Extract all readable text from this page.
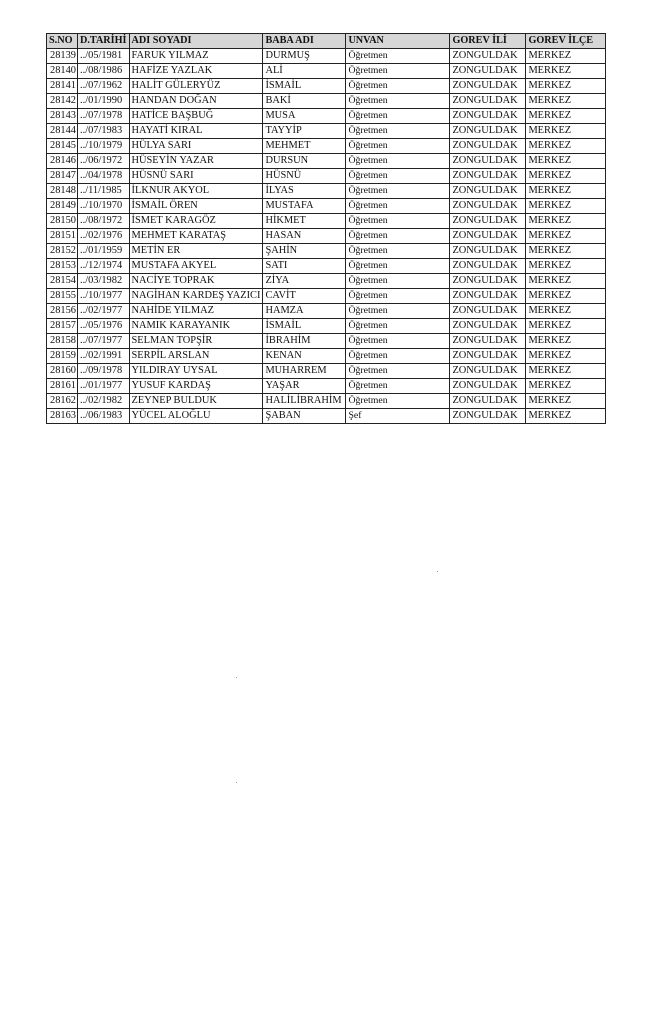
S.NO	D.TARİHİ	ADI SOYADI	BABA ADI	UNVAN	GOREV İLİ	GOREV İLÇE
28139	../05/1981	FARUK YILMAZ	DURMUŞ	Öğretmen	ZONGULDAK	MERKEZ
28140	../08/1986	HAFİZE YAZLAK	ALİ	Öğretmen	ZONGULDAK	MERKEZ
28141	../07/1962	HALİT GÜLERYÜZ	İSMAİL	Öğretmen	ZONGULDAK	MERKEZ
28142	../01/1990	HANDAN DOĞAN	BAKİ	Öğretmen	ZONGULDAK	MERKEZ
28143	../07/1978	HATİCE BAŞBUĞ	MUSA	Öğretmen	ZONGULDAK	MERKEZ
28144	../07/1983	HAYATİ KIRAL	TAYYİP	Öğretmen	ZONGULDAK	MERKEZ
28145	../10/1979	HÜLYA SARI	MEHMET	Öğretmen	ZONGULDAK	MERKEZ
28146	../06/1972	HÜSEYİN YAZAR	DURSUN	Öğretmen	ZONGULDAK	MERKEZ
28147	../04/1978	HÜSNÜ SARI	HÜSNÜ	Öğretmen	ZONGULDAK	MERKEZ
28148	../11/1985	İLKNUR AKYOL	İLYAS	Öğretmen	ZONGULDAK	MERKEZ
28149	../10/1970	İSMAİL ÖREN	MUSTAFA	Öğretmen	ZONGULDAK	MERKEZ
28150	../08/1972	İSMET KARAGÖZ	HİKMET	Öğretmen	ZONGULDAK	MERKEZ
28151	../02/1976	MEHMET KARATAŞ	HASAN	Öğretmen	ZONGULDAK	MERKEZ
28152	../01/1959	METİN ER	ŞAHİN	Öğretmen	ZONGULDAK	MERKEZ
28153	../12/1974	MUSTAFA AKYEL	SATI	Öğretmen	ZONGULDAK	MERKEZ
28154	../03/1982	NACİYE TOPRAK	ZİYA	Öğretmen	ZONGULDAK	MERKEZ
28155	../10/1977	NAGİHAN KARDEŞ YAZICI	CAVİT	Öğretmen	ZONGULDAK	MERKEZ
28156	../02/1977	NAHİDE YILMAZ	HAMZA	Öğretmen	ZONGULDAK	MERKEZ
28157	../05/1976	NAMIK KARAYANIK	İSMAİL	Öğretmen	ZONGULDAK	MERKEZ
28158	../07/1977	SELMAN TOPŞİR	İBRAHİM	Öğretmen	ZONGULDAK	MERKEZ
28159	../02/1991	SERPİL ARSLAN	KENAN	Öğretmen	ZONGULDAK	MERKEZ
28160	../09/1978	YILDIRAY UYSAL	MUHARREM	Öğretmen	ZONGULDAK	MERKEZ
28161	../01/1977	YUSUF KARDAŞ	YAŞAR	Öğretmen	ZONGULDAK	MERKEZ
28162	../02/1982	ZEYNEP BULDUK	HALİLİBRAHİM	Öğretmen	ZONGULDAK	MERKEZ
28163	../06/1983	YÜCEL ALOĞLU	ŞABAN	Şef	ZONGULDAK	MERKEZ
